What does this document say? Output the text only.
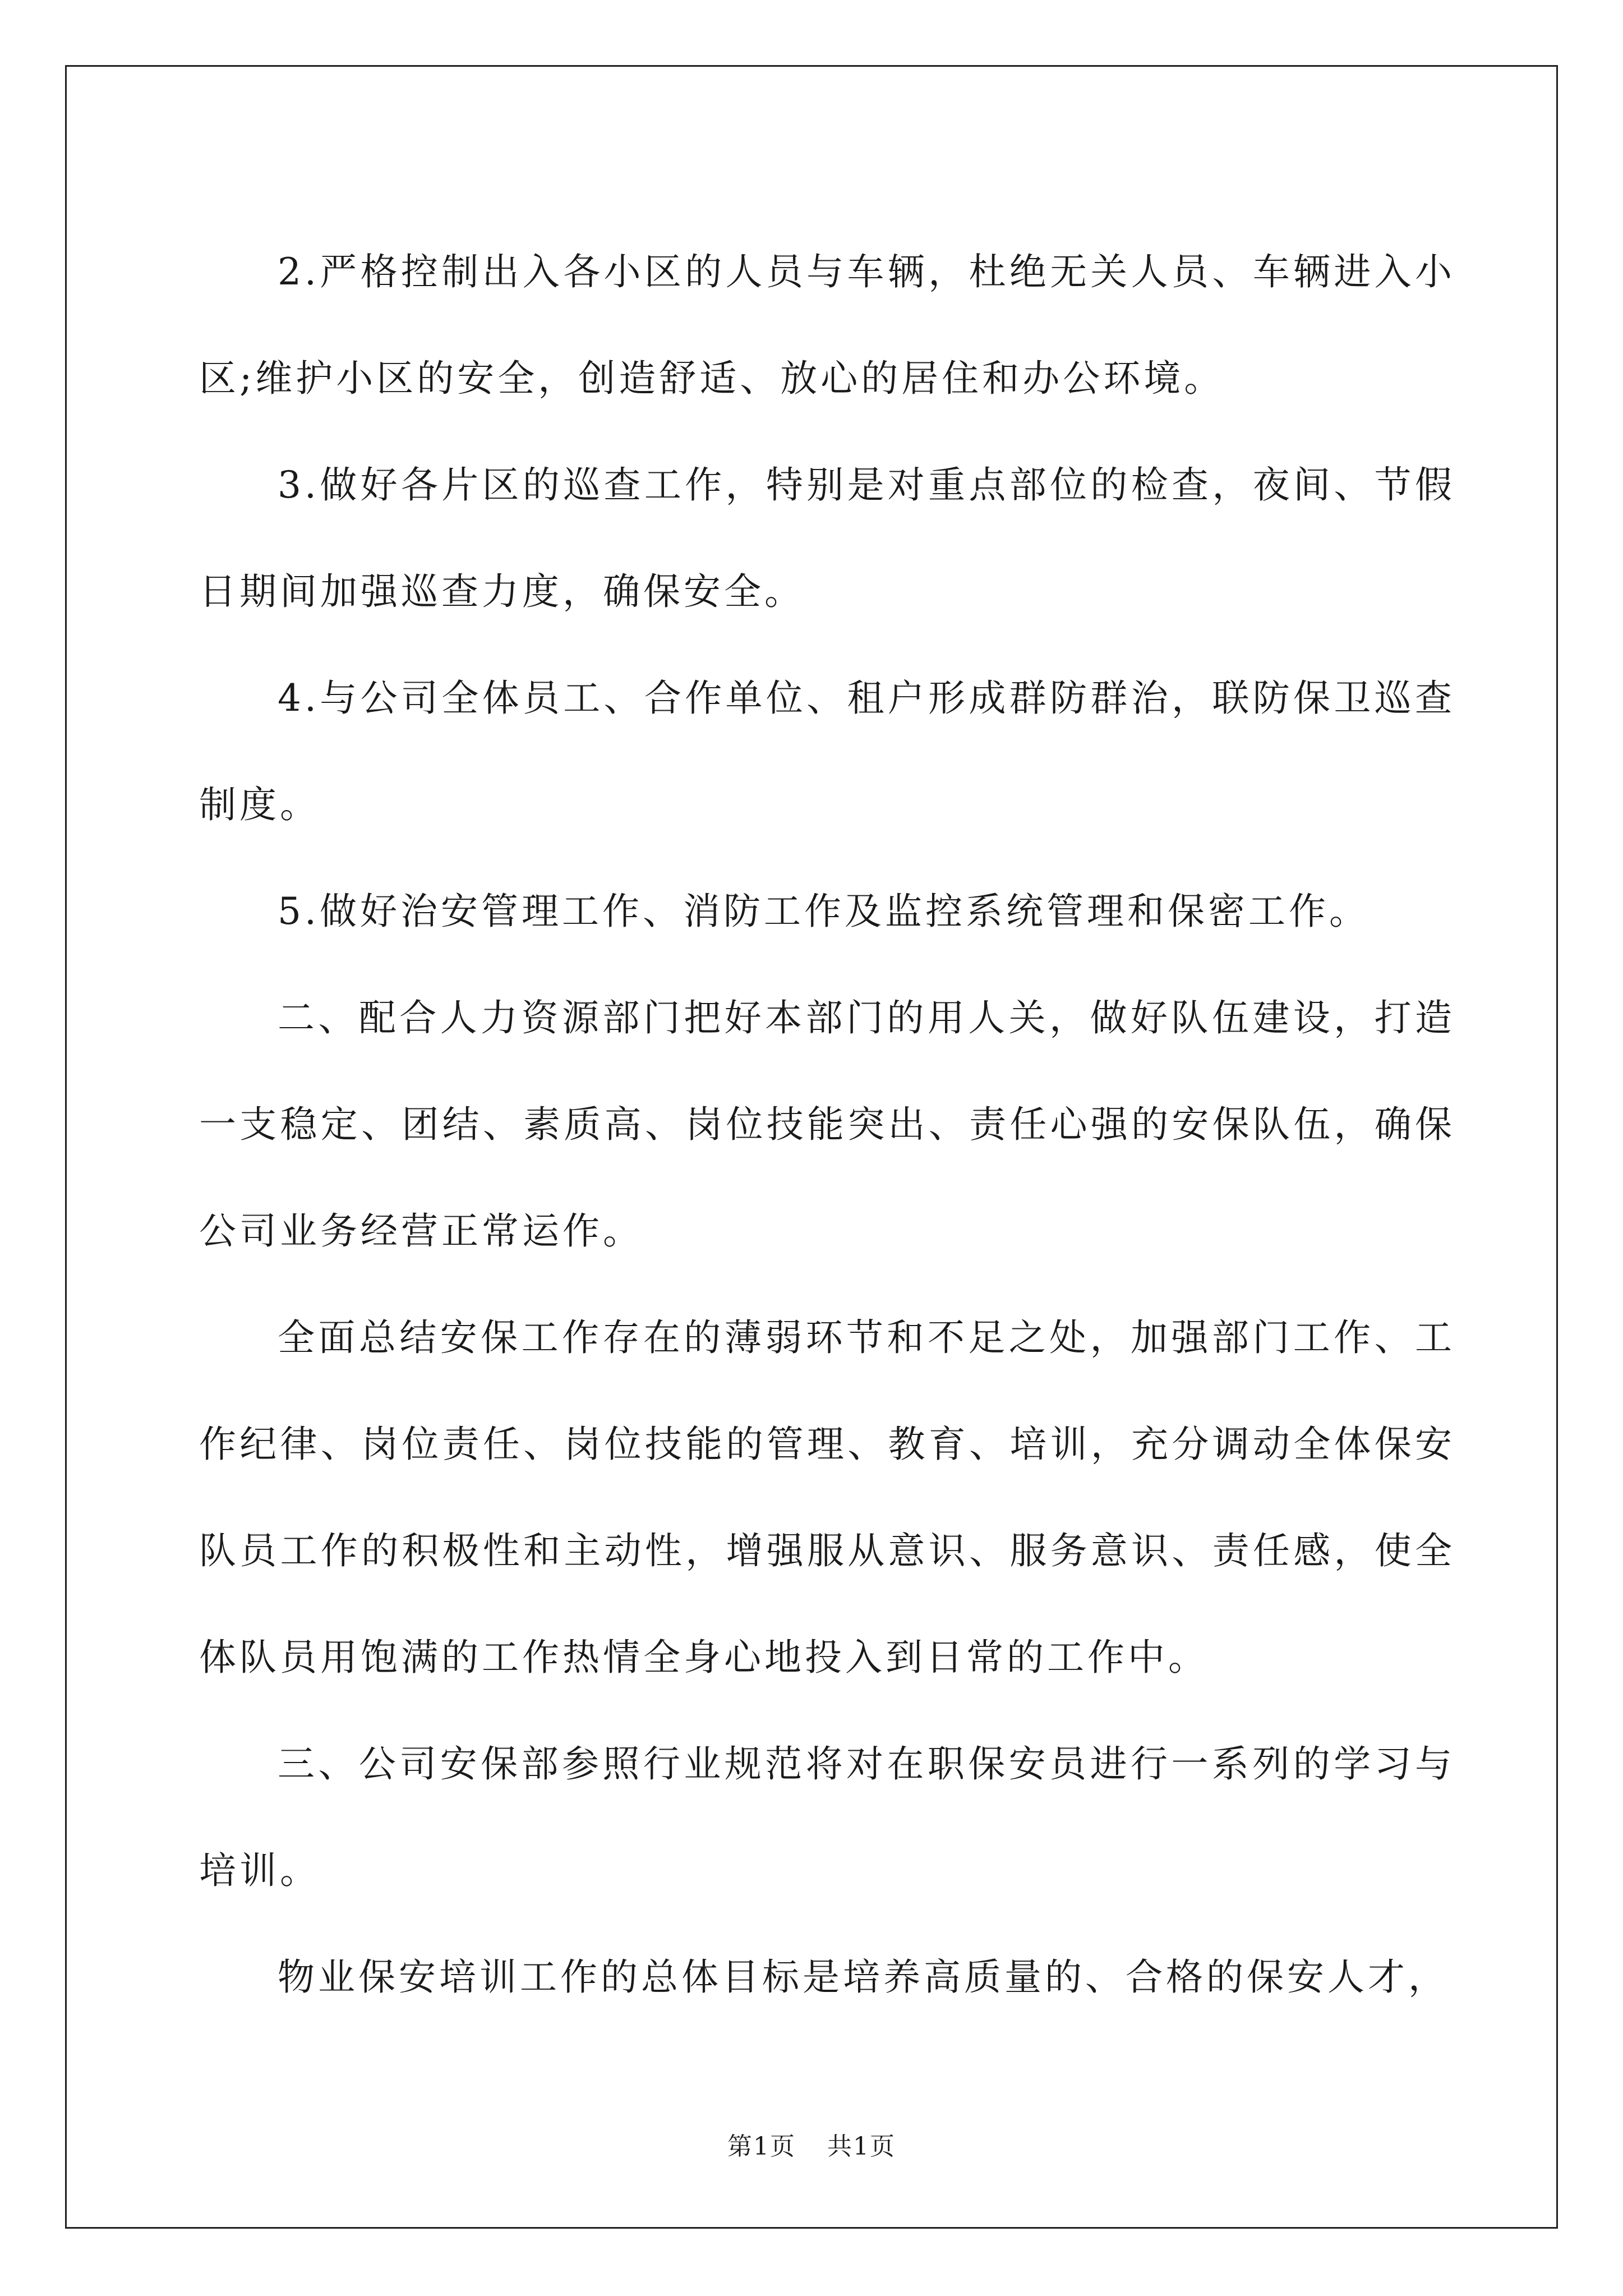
2.严格控制出入各小区的人员与车辆，杜绝无关人员、车辆进入小区;维护小区的安全，创造舒适、放心的居住和办公环境。

3.做好各片区的巡查工作，特别是对重点部位的检查，夜间、节假日期间加强巡查力度，确保安全。

4.与公司全体员工、合作单位、租户形成群防群治，联防保卫巡查制度。

5.做好治安管理工作、消防工作及监控系统管理和保密工作。

二、配合人力资源部门把好本部门的用人关，做好队伍建设，打造一支稳定、团结、素质高、岗位技能突出、责任心强的安保队伍，确保公司业务经营正常运作。

全面总结安保工作存在的薄弱环节和不足之处，加强部门工作、工作纪律、岗位责任、岗位技能的管理、教育、培训，充分调动全体保安队员工作的积极性和主动性，增强服从意识、服务意识、责任感，使全体队员用饱满的工作热情全身心地投入到日常的工作中。

三、公司安保部参照行业规范将对在职保安员进行一系列的学习与培训。

物业保安培训工作的总体目标是培养高质量的、合格的保安人才，

第1页 共1页
